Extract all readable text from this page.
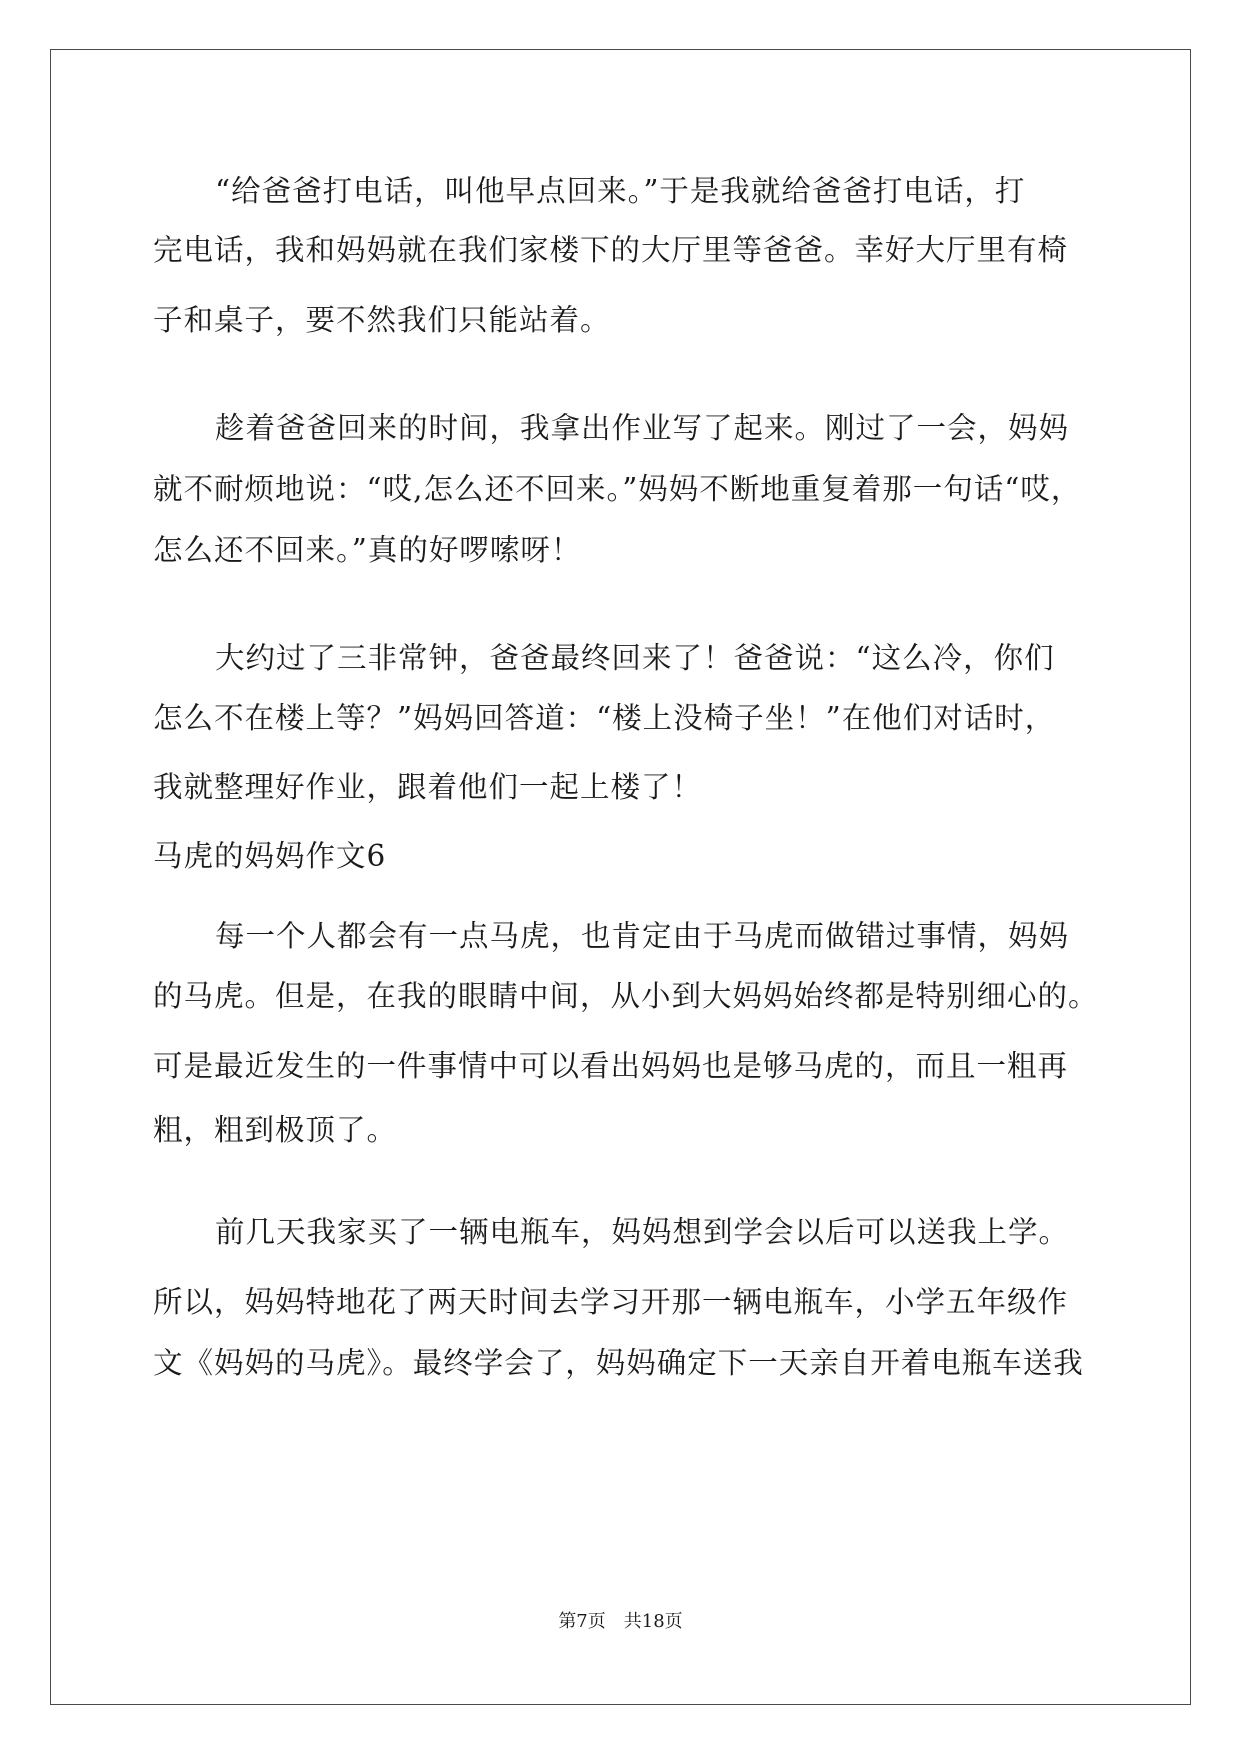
“给爸爸打电话，叫他早点回来。”于是我就给爸爸打电话，打

完电话，我和妈妈就在我们家楼下的大厅里等爸爸。幸好大厅里有椅

子和桌子，要不然我们只能站着。

趁着爸爸回来的时间，我拿出作业写了起来。刚过了一会，妈妈

就不耐烦地说：“哎,怎么还不回来。”妈妈不断地重复着那一句话“哎，

怎么还不回来。”真的好啰嗦呀！

大约过了三非常钟，爸爸最终回来了！爸爸说：“这么冷，你们

怎么不在楼上等？”妈妈回答道：“楼上没椅子坐！”在他们对话时，

我就整理好作业，跟着他们一起上楼了！

马虎的妈妈作文6

每一个人都会有一点马虎，也肯定由于马虎而做错过事情，妈妈

的马虎。但是，在我的眼睛中间，从小到大妈妈始终都是特别细心的。

可是最近发生的一件事情中可以看出妈妈也是够马虎的，而且一粗再

粗，粗到极顶了。

前几天我家买了一辆电瓶车，妈妈想到学会以后可以送我上学。

所以，妈妈特地花了两天时间去学习开那一辆电瓶车，小学五年级作

文《妈妈的马虎》。最终学会了，妈妈确定下一天亲自开着电瓶车送我

第7页 共18页
